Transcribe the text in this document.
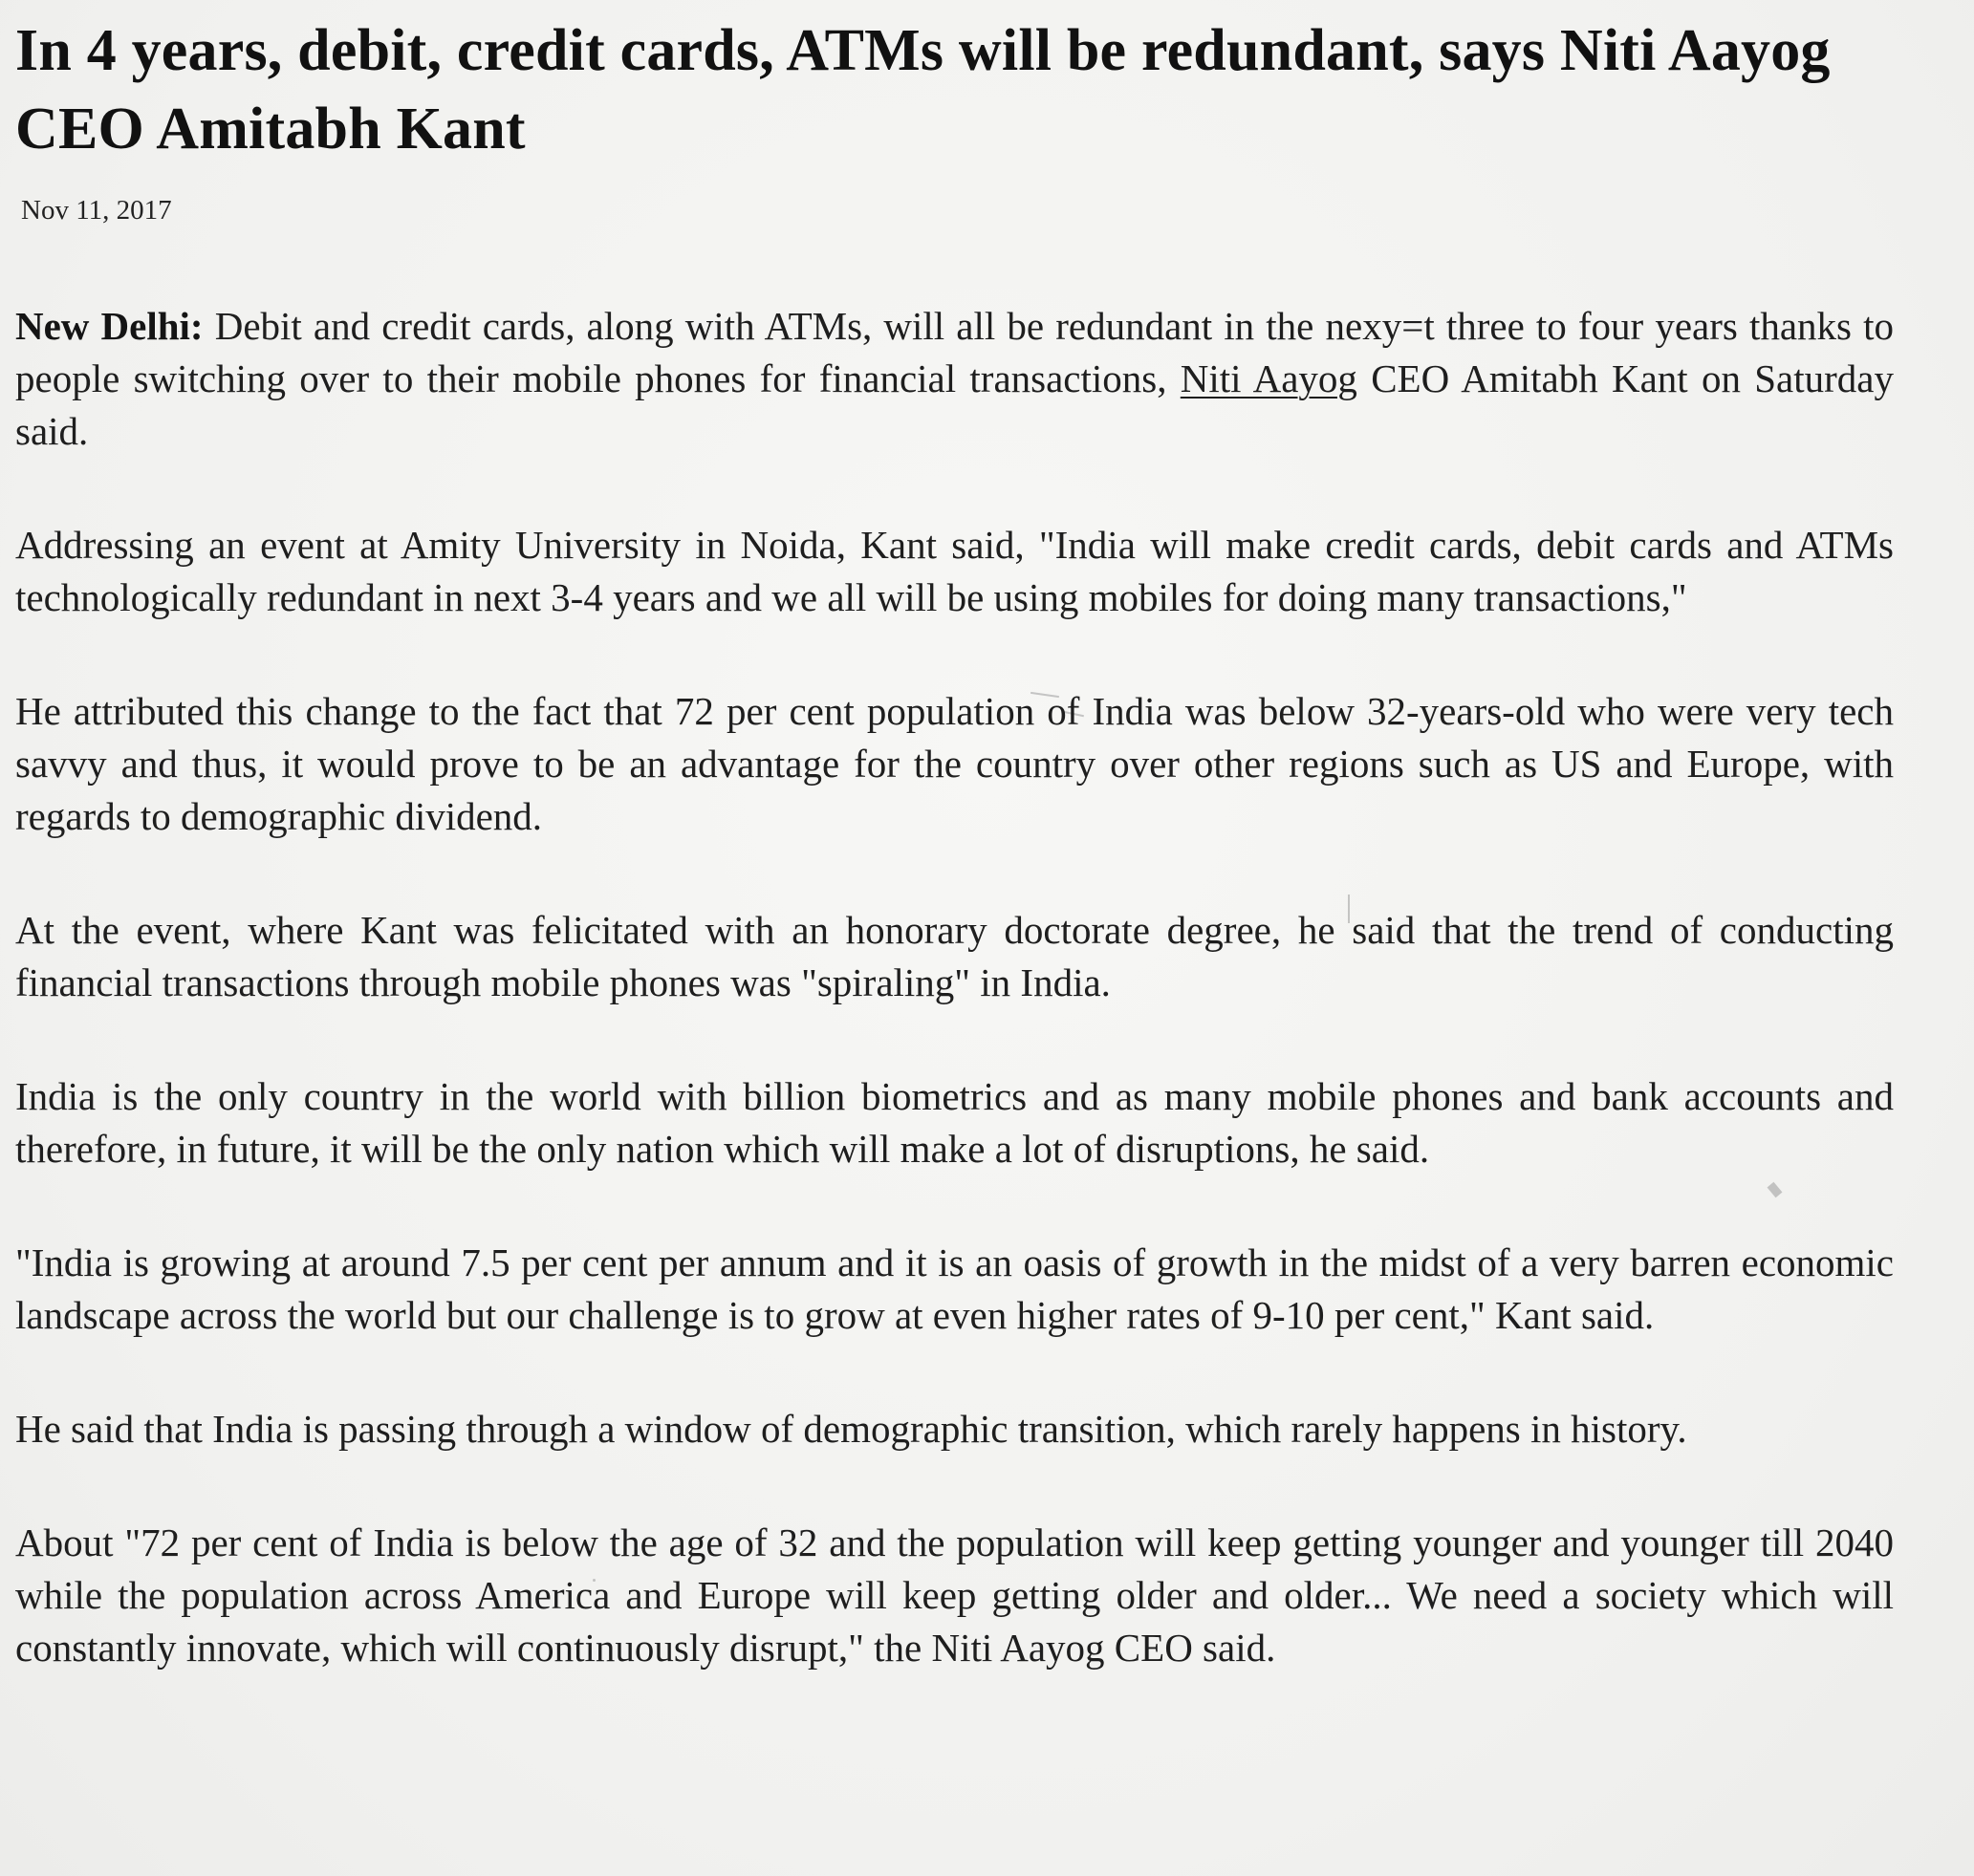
In 4 years, debit, credit cards, ATMs will be redundant, says Niti Aayog CEO Amitabh Kant

Nov 11, 2017

New Delhi: Debit and credit cards, along with ATMs, will all be redundant in the nexy=t three to four years thanks to people switching over to their mobile phones for financial transactions, Niti Aayog CEO Amitabh Kant on Saturday said.

Addressing an event at Amity University in Noida, Kant said, "India will make credit cards, debit cards and ATMs technologically redundant in next 3-4 years and we all will be using mobiles for doing many transactions,"

He attributed this change to the fact that 72 per cent population of India was below 32-years-old who were very tech savvy and thus, it would prove to be an advantage for the country over other regions such as US and Europe, with regards to demographic dividend.

At the event, where Kant was felicitated with an honorary doctorate degree, he said that the trend of conducting financial transactions through mobile phones was "spiraling" in India.

India is the only country in the world with billion biometrics and as many mobile phones and bank accounts and therefore, in future, it will be the only nation which will make a lot of disruptions, he said.

"India is growing at around 7.5 per cent per annum and it is an oasis of growth in the midst of a very barren economic landscape across the world but our challenge is to grow at even higher rates of 9-10 per cent," Kant said.

He said that India is passing through a window of demographic transition, which rarely happens in history.

About "72 per cent of India is below the age of 32 and the population will keep getting younger and younger till 2040 while the population across America and Europe will keep getting older and older... We need a society which will constantly innovate, which will continuously disrupt," the Niti Aayog CEO said.
